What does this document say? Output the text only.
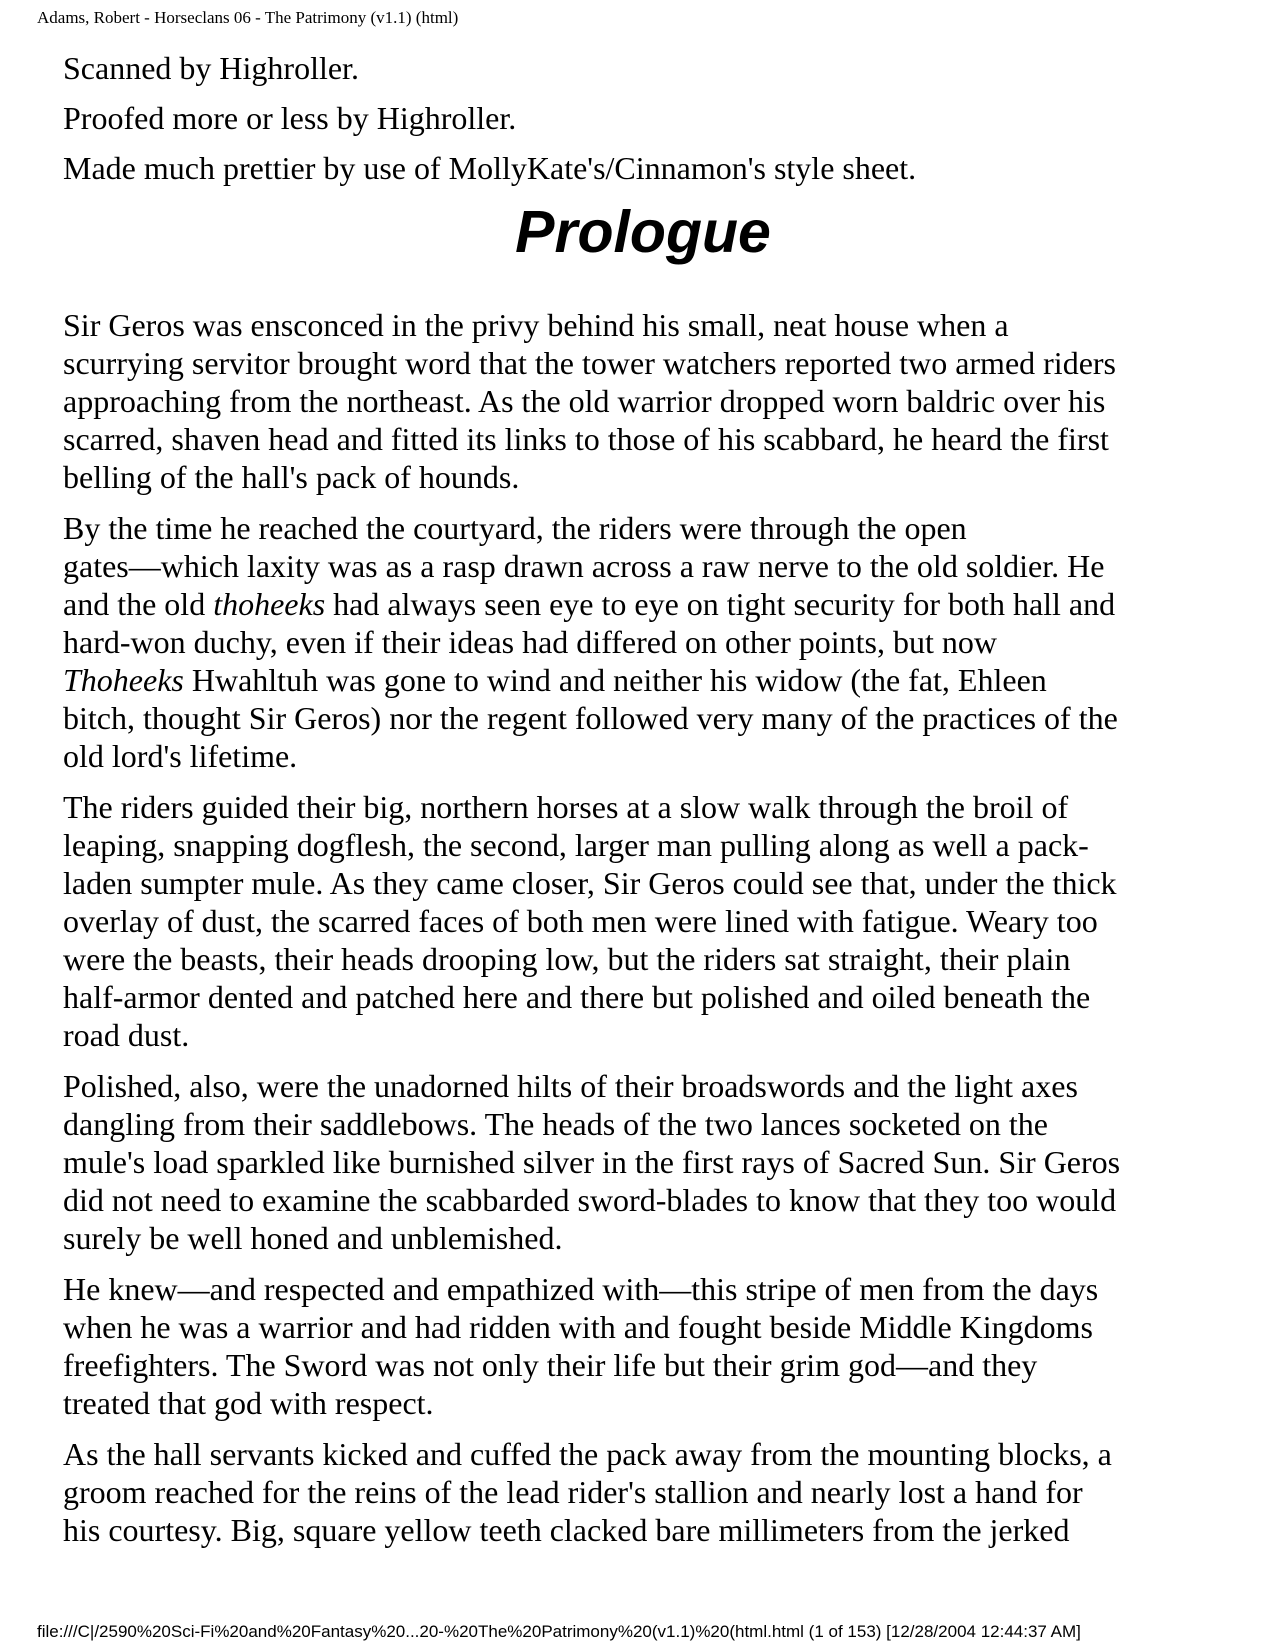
Adams, Robert - Horseclans 06 - The Patrimony (v1.1) (html)
Scanned by Highroller.
Proofed more or less by Highroller.
Made much prettier by use of MollyKate's/Cinnamon's style sheet.
Prologue

Sir Geros was ensconced in the privy behind his small, neat house when a
scurrying servitor brought word that the tower watchers reported two armed riders
approaching from the northeast. As the old warrior dropped worn baldric over his
scarred, shaven head and fitted its links to those of his scabbard, he heard the first
belling of the hall's pack of hounds.

By the time he reached the courtyard, the riders were through the open
gates—which laxity was as a rasp drawn across a raw nerve to the old soldier. He
and the old thoheeks had always seen eye to eye on tight security for both hall and
hard-won duchy, even if their ideas had differed on other points, but now
Thoheeks Hwahltuh was gone to wind and neither his widow (the fat, Ehleen
bitch, thought Sir Geros) nor the regent followed very many of the practices of the
old lord's lifetime.

The riders guided their big, northern horses at a slow walk through the broil of
leaping, snapping dogflesh, the second, larger man pulling along as well a pack-
laden sumpter mule. As they came closer, Sir Geros could see that, under the thick
overlay of dust, the scarred faces of both men were lined with fatigue. Weary too
were the beasts, their heads drooping low, but the riders sat straight, their plain
half-armor dented and patched here and there but polished and oiled beneath the
road dust.

Polished, also, were the unadorned hilts of their broadswords and the light axes
dangling from their saddlebows. The heads of the two lances socketed on the
mule's load sparkled like burnished silver in the first rays of Sacred Sun. Sir Geros
did not need to examine the scabbarded sword-blades to know that they too would
surely be well honed and unblemished.

He knew—and respected and empathized with—this stripe of men from the days
when he was a warrior and had ridden with and fought beside Middle Kingdoms
freefighters. The Sword was not only their life but their grim god—and they
treated that god with respect.

As the hall servants kicked and cuffed the pack away from the mounting blocks, a
groom reached for the reins of the lead rider's stallion and nearly lost a hand for
his courtesy. Big, square yellow teeth clacked bare millimeters from the jerked

file:///C|/2590%20Sci-Fi%20and%20Fantasy%20...20-%20The%20Patrimony%20(v1.1)%20(html.html (1 of 153) [12/28/2004 12:44:37 AM]
